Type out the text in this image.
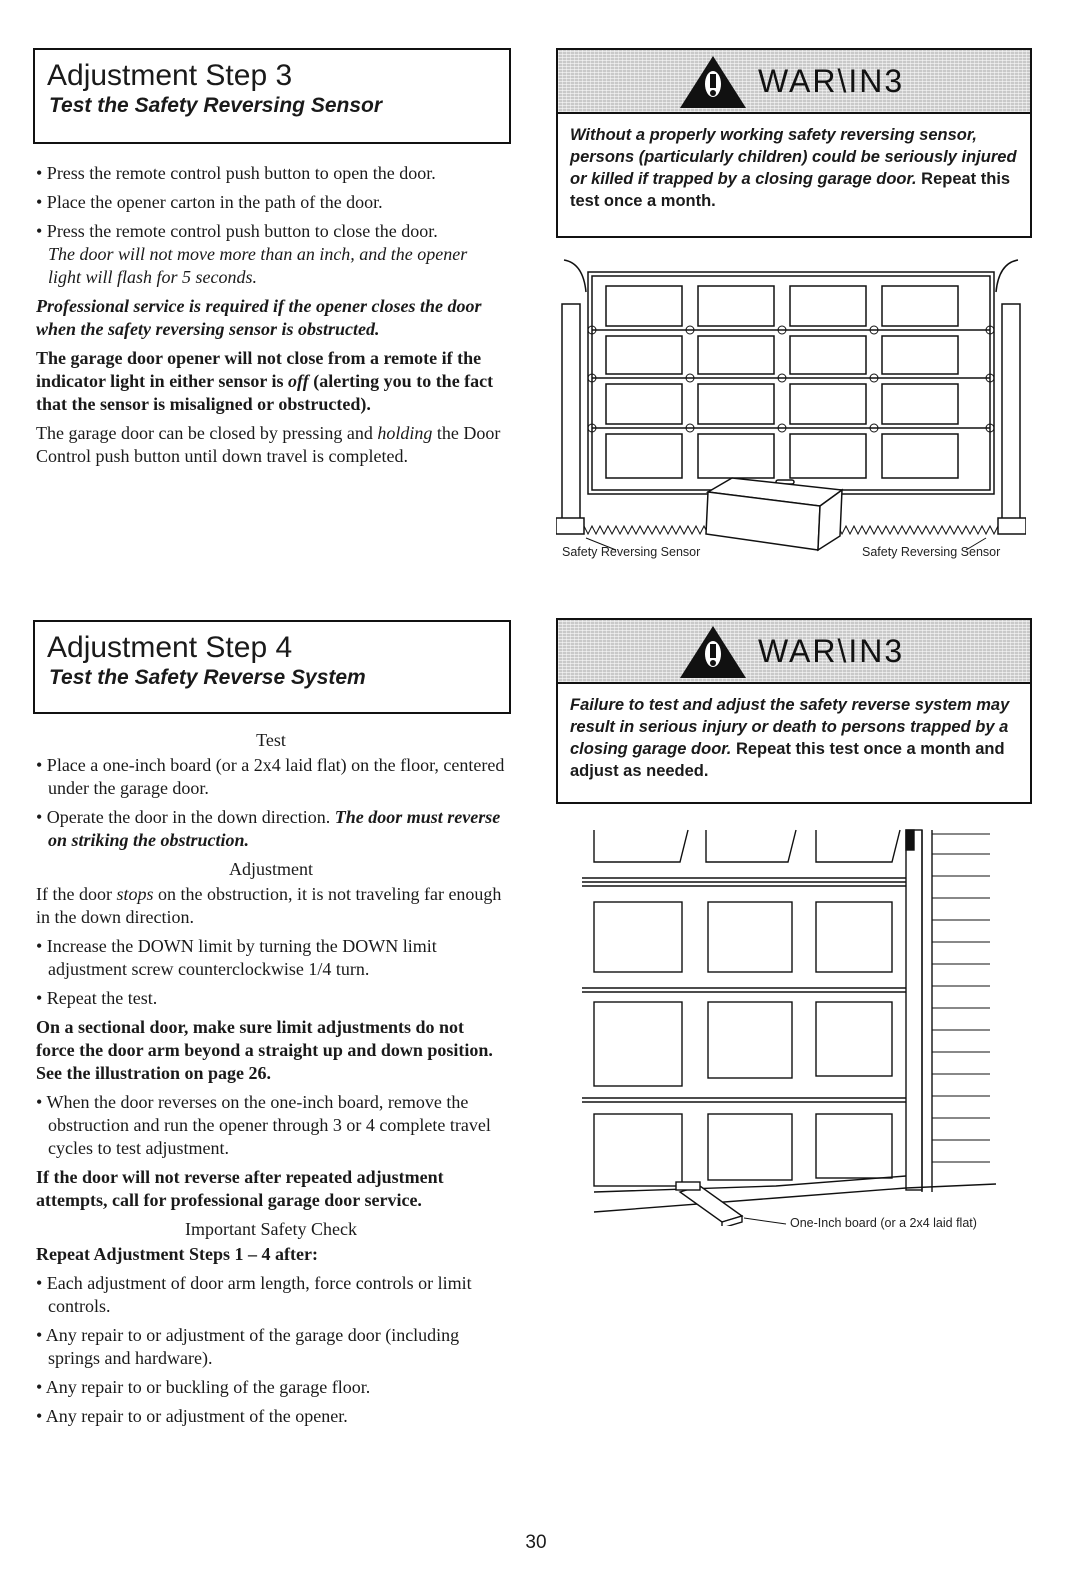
Adjustment Step 3
Test the Safety Reversing Sensor

• Press the remote control push button to open the door.

• Place the opener carton in the path of the door.

• Press the remote control push button to close the door.

The door will not move more than an inch, and the opener light will flash for 5 seconds.

Professional service is required if the opener closes the door when the safety reversing sensor is obstructed.

The garage door opener will not close from a remote if the indicator light in either sensor is off (alerting you to the fact that the sensor is misaligned or obstructed).

The garage door can be closed by pressing and holding the Door Control push button until down travel is completed.

WAR\IN3
Without a properly working safety reversing sensor, persons (particularly children) could be seriously injured or killed if trapped by a closing garage door. Repeat this test once a month.
Safety Reversing Sensor	Safety Reversing Sensor
Adjustment Step 4
Test the Safety Reverse System

Test

• Place a one-inch board (or a 2x4 laid flat) on the floor, centered under the garage door.

• Operate the door in the down direction. The door must reverse on striking the obstruction.

Adjustment

If the door stops on the obstruction, it is not traveling far enough in the down direction.

• Increase the DOWN limit by turning the DOWN limit adjustment screw counterclockwise 1/4 turn.

• Repeat the test.

On a sectional door, make sure limit adjustments do not force the door arm beyond a straight up and down position. See the illustration on page 26.

• When the door reverses on the one-inch board, remove the obstruction and run the opener through 3 or 4 complete travel cycles to test adjustment.

If the door will not reverse after repeated adjustment attempts, call for professional garage door service.

Important Safety Check

Repeat Adjustment Steps 1 – 4 after:

• Each adjustment of door arm length, force controls or limit controls.

• Any repair to or adjustment of the garage door (including springs and hardware).

• Any repair to or buckling of the garage floor.

• Any repair to or adjustment of the opener.

WAR\IN3
Failure to test and adjust the safety reverse system may result in serious injury or death to persons trapped by a closing garage door. Repeat this test once a month and adjust as needed.
One-Inch board (or a 2x4 laid flat)
30
